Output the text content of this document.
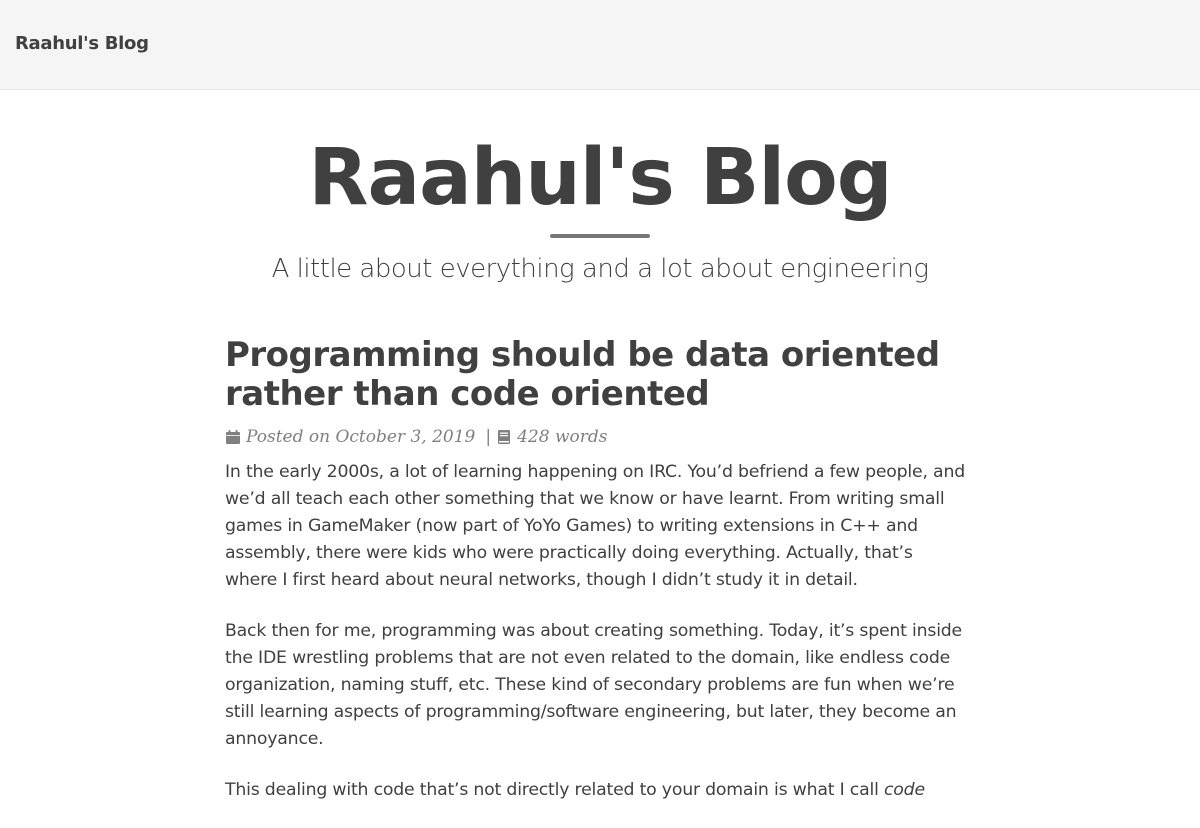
Raahul's Blog
Raahul's Blog
A little about everything and a lot about engineering
Programming should be data oriented rather than code oriented
Posted on October 3, 2019 | 428 words

In the early 2000s, a lot of learning happening on IRC. You’d befriend a few people, and we’d all teach each other something that we know or have learnt. From writing small games in GameMaker (now part of YoYo Games) to writing extensions in C++ and assembly, there were kids who were practically doing everything. Actually, that’s where I first heard about neural networks, though I didn’t study it in detail.

Back then for me, programming was about creating something. Today, it’s spent inside the IDE wrestling problems that are not even related to the domain, like endless code organization, naming stuff, etc. These kind of secondary problems are fun when we’re still learning aspects of programming/software engineering, but later, they become an annoyance.

This dealing with code that’s not directly related to your domain is what I call code
